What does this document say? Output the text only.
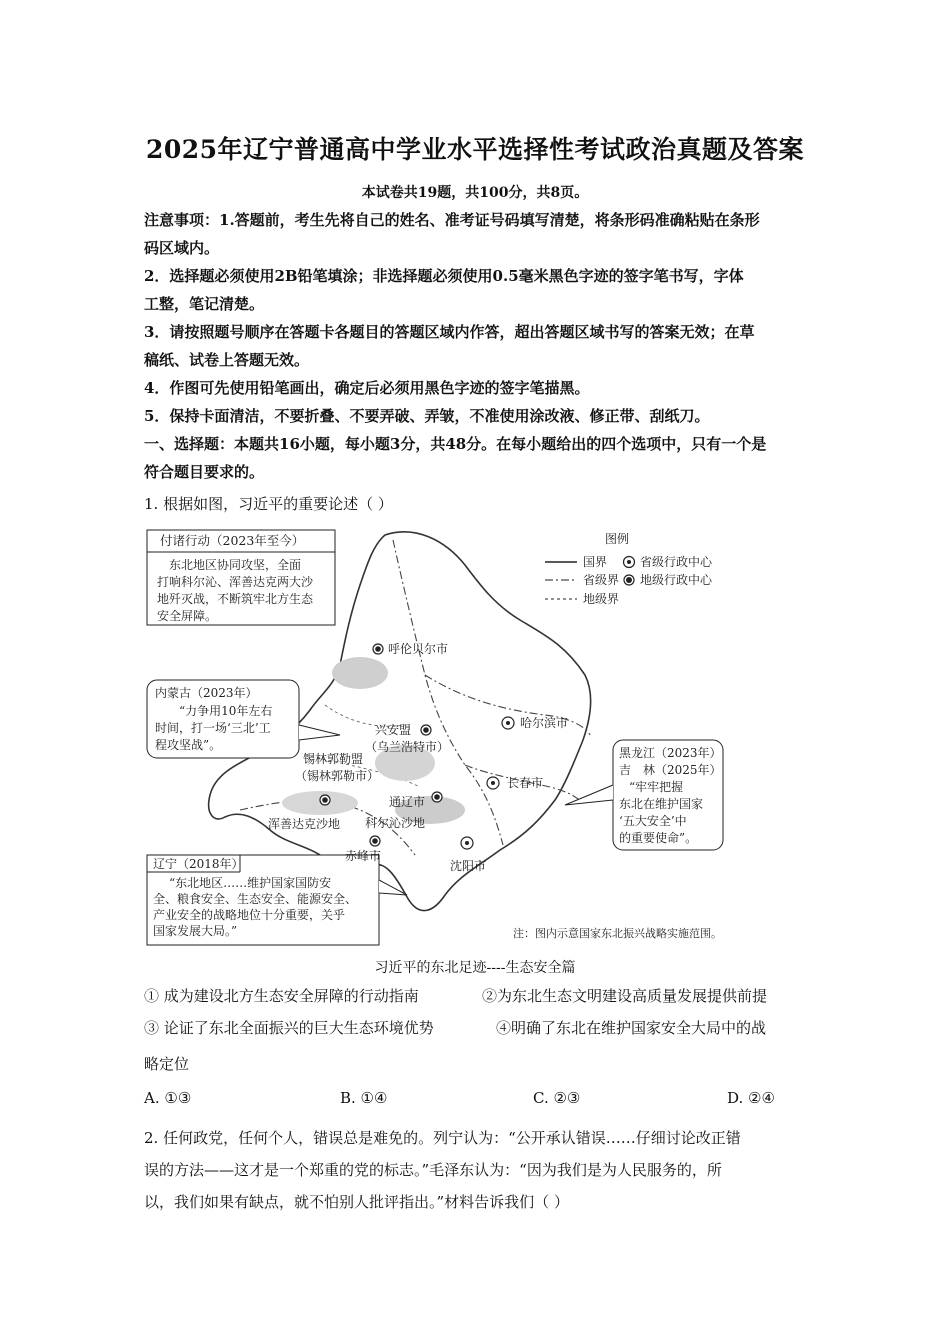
2025年辽宁普通高中学业水平选择性考试政治真题及答案
本试卷共19题，共100分，共8页。
注意事项：1.答题前，考生先将自己的姓名、准考证号码填写清楚，将条形码准确粘贴在条形
码区域内。
2．选择题必须使用2B铅笔填涂；非选择题必须使用0.5毫米黑色字迹的签字笔书写，字体
工整，笔记清楚。
3．请按照题号顺序在答题卡各题目的答题区域内作答，超出答题区域书写的答案无效；在草
稿纸、试卷上答题无效。
4．作图可先使用铅笔画出，确定后必须用黑色字迹的签字笔描黑。
5．保持卡面清洁，不要折叠、不要弄破、弄皱，不准使用涂改液、修正带、刮纸刀。
一、选择题：本题共16小题，每小题3分，共48分。在每小题给出的四个选项中，只有一个是
符合题目要求的。
1. 根据如图，习近平的重要论述（ ）
付诸行动（2023年至今）
东北地区协同攻坚，全面
打响科尔沁、浑善达克两大沙
地歼灭战，不断筑牢北方生态
安全屏障。
图例
国界
省级界
地级界
省级行政中心
地级行政中心
内蒙古（2023年）
“力争用10年左右
时间，打一场‘三北’工
程攻坚战”。
黑龙江（2023年）
吉　林（2025年）
“牢牢把握
东北在维护国家
‘五大安全’中
的重要使命”。
辽宁（2018年）
“东北地区……维护国家国防安
全、粮食安全、生态安全、能源安全、
产业安全的战略地位十分重要，关乎
国家发展大局。”
呼伦贝尔市
兴安盟
（乌兰浩特市）
哈尔滨市
锡林郭勒盟
（锡林郭勒市）
通辽市
长春市
浑善达克沙地 科尔沁沙地
赤峰市
沈阳市
注：图内示意国家东北振兴战略实施范围。
习近平的东北足迹----生态安全篇
① 成为建设北方生态安全屏障的行动指南	②为东北生态文明建设高质量发展提供前提
③ 论证了东北全面振兴的巨大生态环境优势	④明确了东北在维护国家安全大局中的战
略定位
A. ①③	B. ①④	C. ②③	D. ②④
2. 任何政党，任何个人，错误总是难免的。列宁认为：“公开承认错误……仔细讨论改正错
误的方法——这才是一个郑重的党的标志。”毛泽东认为：“因为我们是为人民服务的，所
以，我们如果有缺点，就不怕别人批评指出。”材料告诉我们（ ）
